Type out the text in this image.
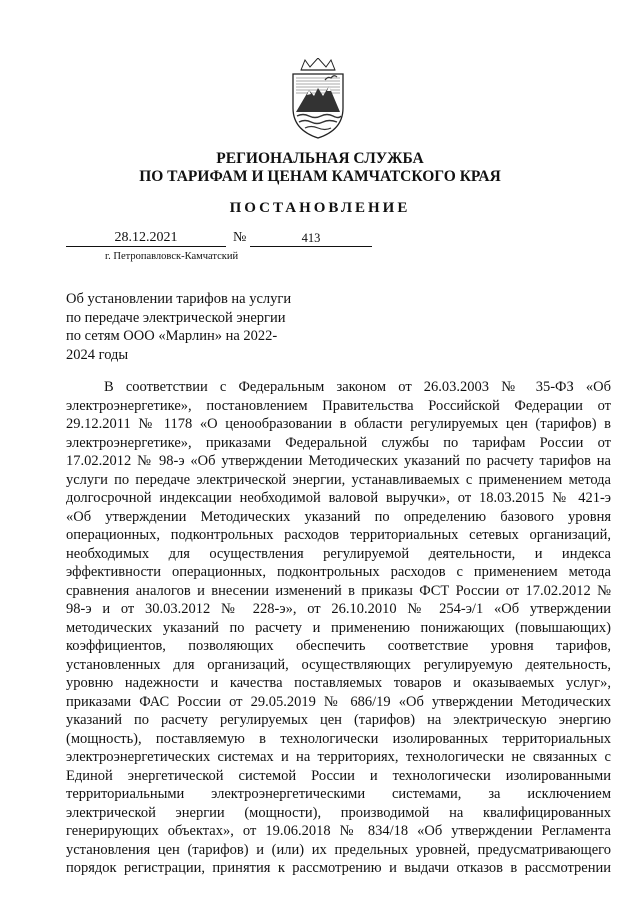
РЕГИОНАЛЬНАЯ СЛУЖБА
ПО ТАРИФАМ И ЦЕНАМ КАМЧАТСКОГО КРАЯ
ПОСТАНОВЛЕНИЕ
28.12.2021	№	413
г. Петропавловск-Камчатский
Об установлении тарифов на услуги
по передаче электрической энергии
по сетям ООО «Марлин» на 2022-
2024 годы
В соответствии с Федеральным законом от 26.03.2003 № 35-ФЗ «Об
электроэнергетике», постановлением Правительства Российской Федерации от
29.12.2011 № 1178 «О ценообразовании в области регулируемых цен (тарифов) в
электроэнергетике», приказами Федеральной службы по тарифам России от
17.02.2012 № 98-э «Об утверждении Методических указаний по расчету тарифов на
услуги по передаче электрической энергии, устанавливаемых с применением метода
долгосрочной индексации необходимой валовой выручки», от 18.03.2015 № 421-э
«Об утверждении Методических указаний по определению базового уровня
операционных, подконтрольных расходов территориальных сетевых организаций,
необходимых для осуществления регулируемой деятельности, и индекса
эффективности операционных, подконтрольных расходов с применением метода
сравнения аналогов и внесении изменений в приказы ФСТ России от 17.02.2012 №
98-э и от 30.03.2012 № 228-э», от 26.10.2010 № 254-э/1 «Об утверждении
методических указаний по расчету и применению понижающих (повышающих)
коэффициентов, позволяющих обеспечить соответствие уровня тарифов,
установленных для организаций, осуществляющих регулируемую деятельность,
уровню надежности и качества поставляемых товаров и оказываемых услуг»,
приказами ФАС России от 29.05.2019 № 686/19 «Об утверждении Методических
указаний по расчету регулируемых цен (тарифов) на электрическую энергию
(мощность), поставляемую в технологически изолированных территориальных
электроэнергетических системах и на территориях, технологически не связанных с
Единой энергетической системой России и технологически изолированными
территориальными электроэнергетическими системами, за исключением
электрической энергии (мощности), производимой на квалифицированных
генерирующих объектах», от 19.06.2018 № 834/18 «Об утверждении Регламента
установления цен (тарифов) и (или) их предельных уровней, предусматривающего
порядок регистрации, принятия к рассмотрению и выдачи отказов в рассмотрении
